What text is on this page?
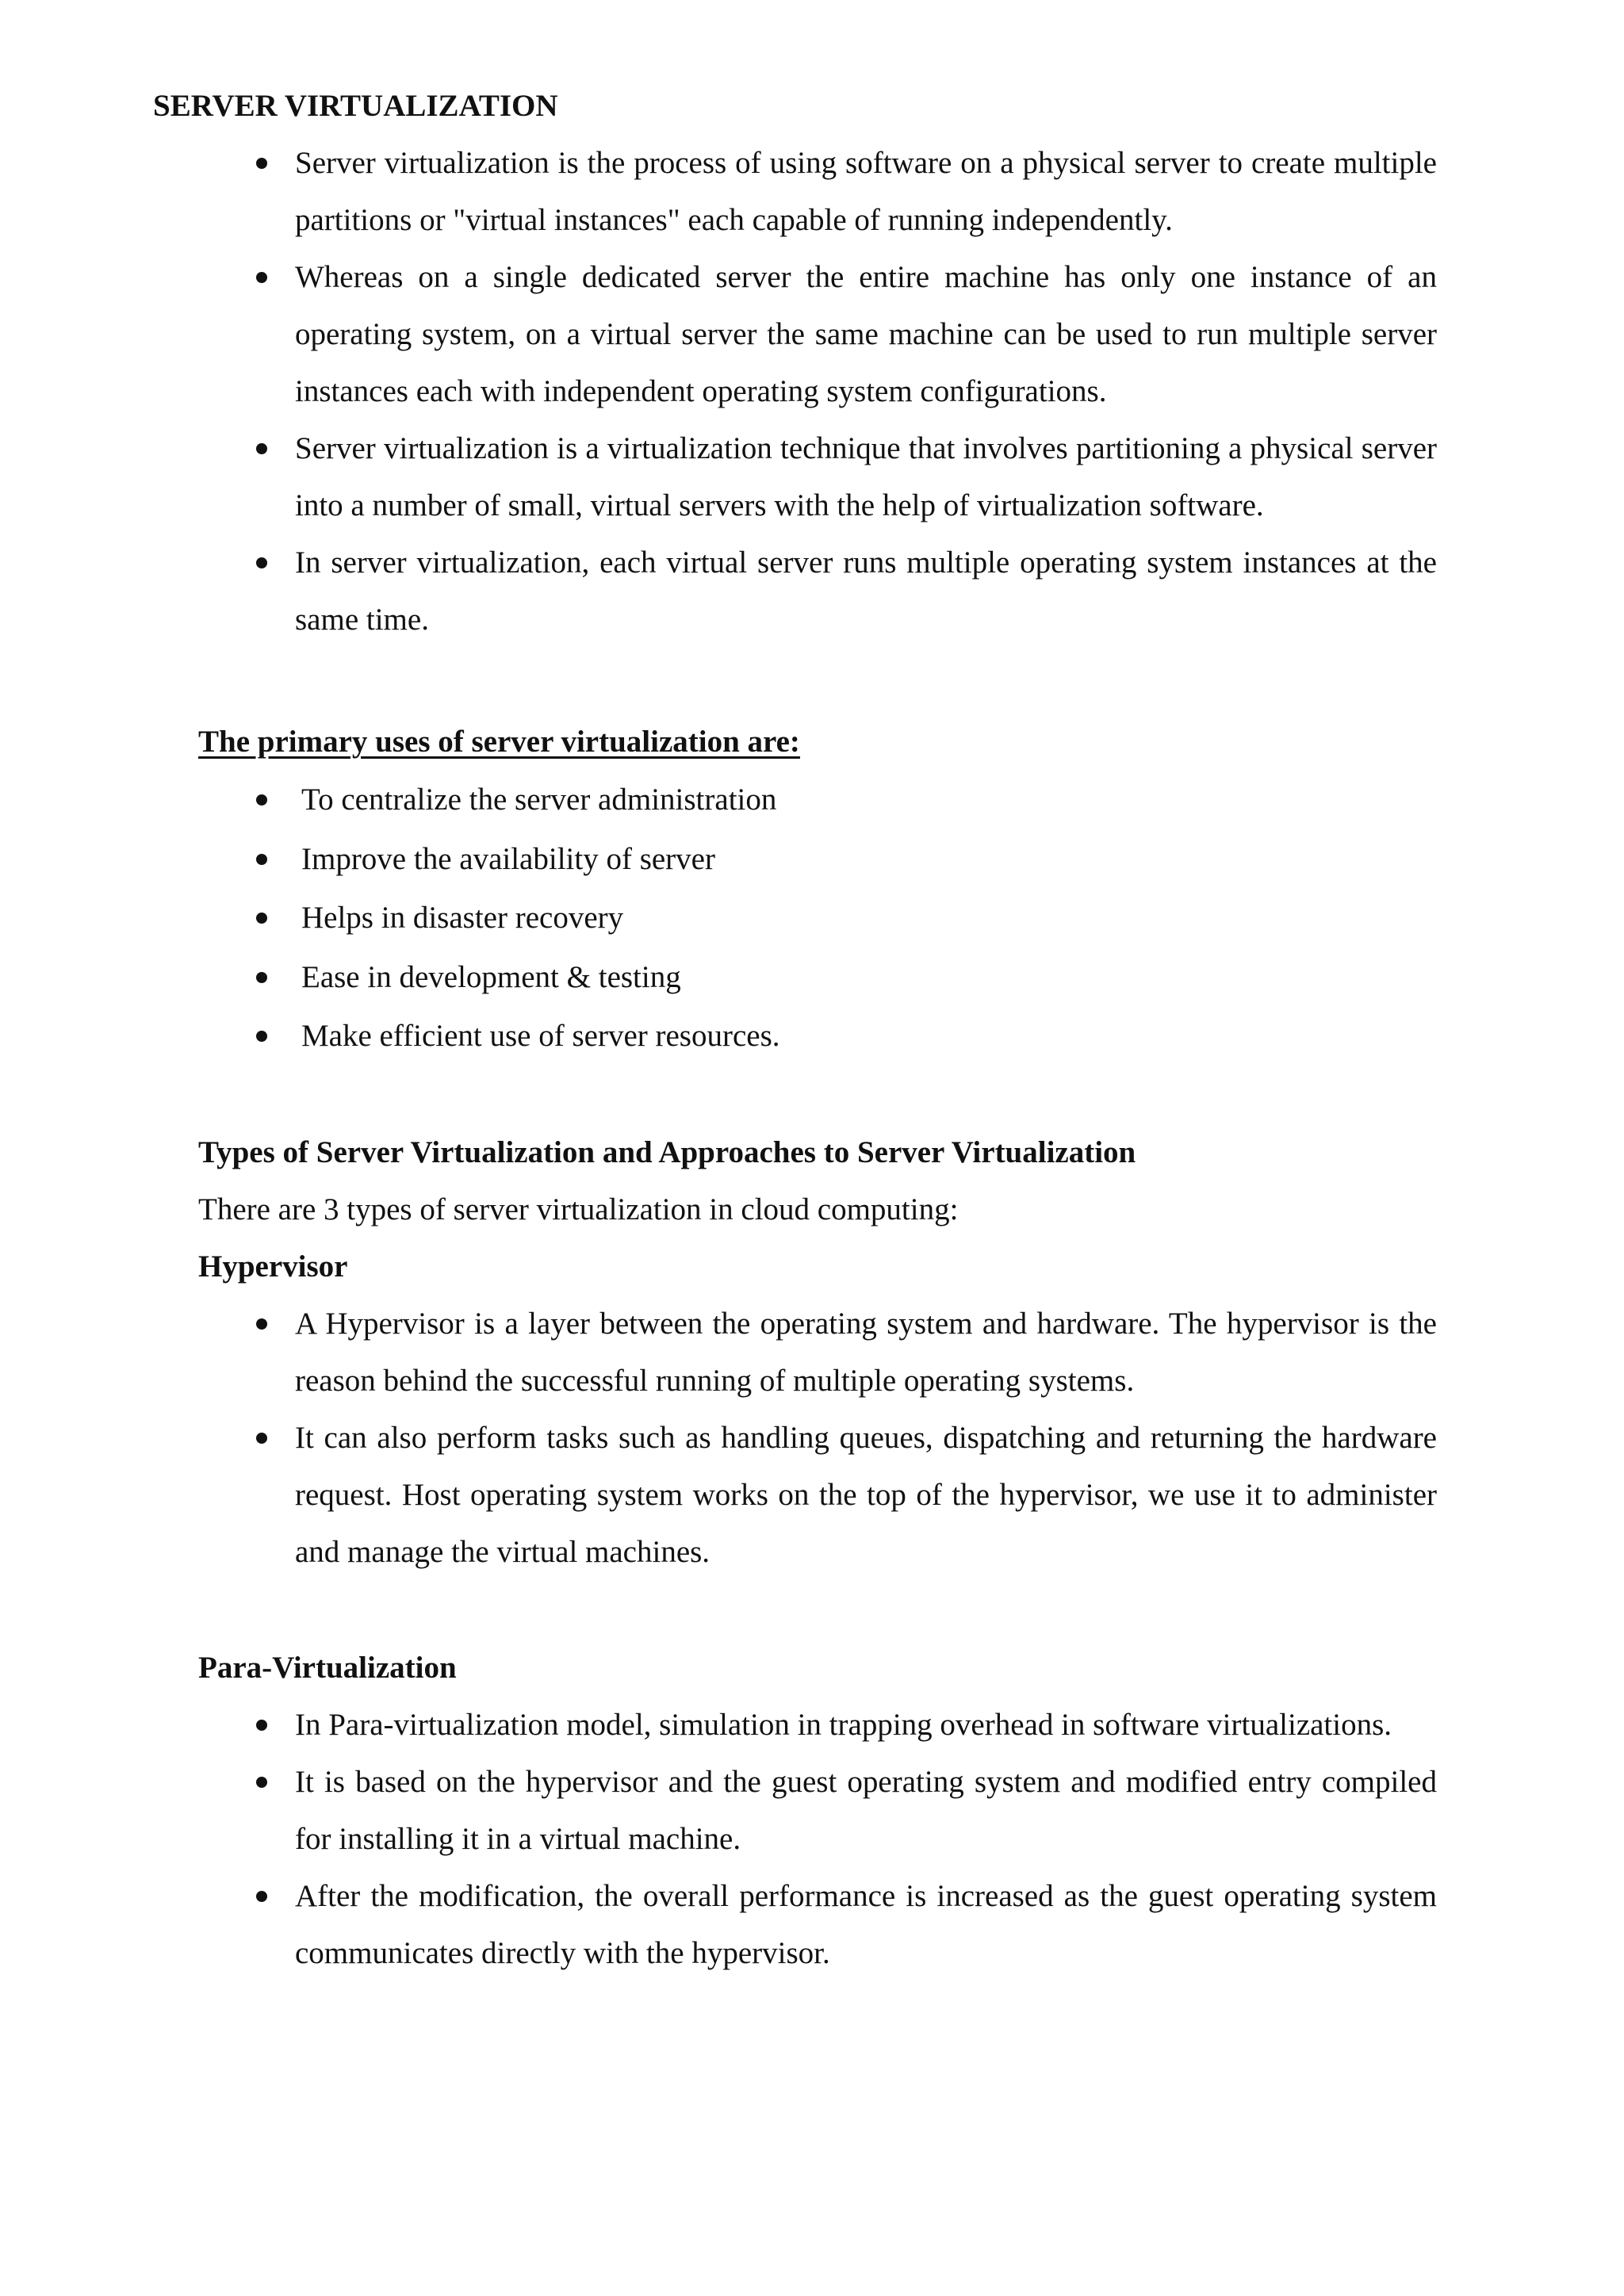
SERVER VIRTUALIZATION
Server virtualization is the process of using software on a physical server to create multiple partitions or "virtual instances" each capable of running independently.
Whereas on a single dedicated server the entire machine has only one instance of an operating system, on a virtual server the same machine can be used to run multiple server instances each with independent operating system configurations.
Server virtualization is a virtualization technique that involves partitioning a physical server into a number of small, virtual servers with the help of virtualization software.
In server virtualization, each virtual server runs multiple operating system instances at the same time.
The primary uses of server virtualization are:
To centralize the server administration
Improve the availability of server
Helps in disaster recovery
Ease in development & testing
Make efficient use of server resources.
Types of Server Virtualization and Approaches to Server Virtualization

There are 3 types of server virtualization in cloud computing:

Hypervisor
A Hypervisor is a layer between the operating system and hardware. The hypervisor is the reason behind the successful running of multiple operating systems.
It can also perform tasks such as handling queues, dispatching and returning the hardware request. Host operating system works on the top of the hypervisor, we use it to administer and manage the virtual machines.
Para-Virtualization
In Para-virtualization model, simulation in trapping overhead in software virtualizations.
It is based on the hypervisor and the guest operating system and modified entry compiled for installing it in a virtual machine.
After the modification, the overall performance is increased as the guest operating system communicates directly with the hypervisor.
